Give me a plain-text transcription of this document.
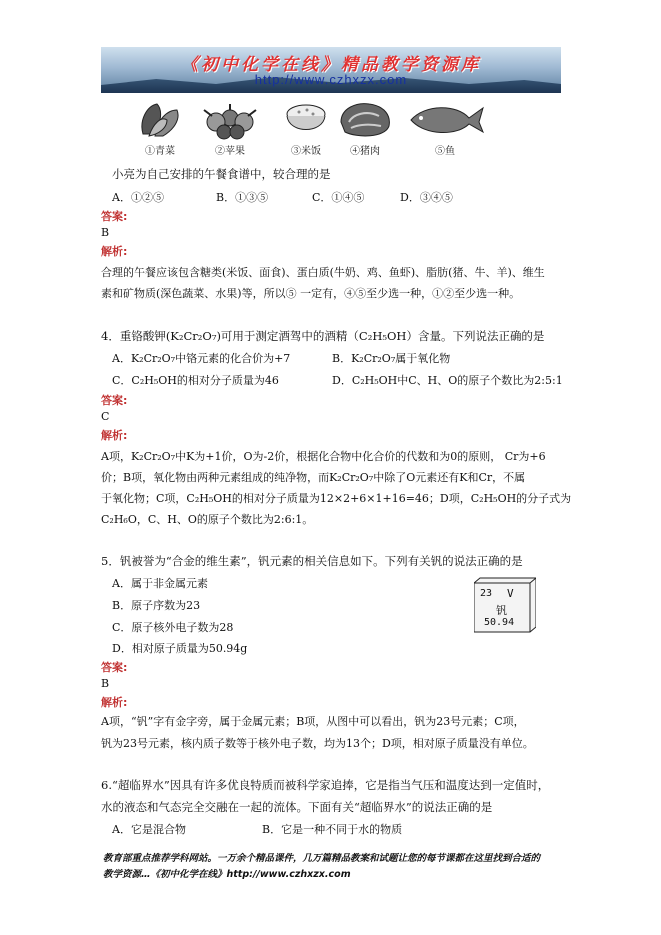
《初中化学在线》精品教学资源库
http://www.czhxzx.com
①青菜	②苹果	③米饭	④猪肉	⑤鱼
小亮为自己安排的午餐食谱中，较合理的是
A．①②⑤	B．①③⑤	C．①④⑤	D．③④⑤
答案:
B
解析:
合理的午餐应该包含糖类(米饭、面食)、蛋白质(牛奶、鸡、鱼虾)、脂肪(猪、牛、羊)、维生
素和矿物质(深色蔬菜、水果)等，所以⑤ 一定有，④⑤至少选一种，①②至少选一种。
4．重铬酸钾(K₂Cr₂O₇)可用于测定酒驾中的酒精（C₂H₅OH）含量。下列说法正确的是
A．K₂Cr₂O₇中铬元素的化合价为+7	B．K₂Cr₂O₇属于氧化物
C．C₂H₅OH的相对分子质量为46	D．C₂H₅OH中C、H、O的原子个数比为2:5:1
答案:
C
解析:
A项，K₂Cr₂O₇中K为+1价，O为-2价，根据化合物中化合价的代数和为0的原则， Cr为+6
价；B项，氧化物由两种元素组成的纯净物，而K₂Cr₂O₇中除了O元素还有K和Cr，不属
于氧化物；C项，C₂H₅OH的相对分子质量为12×2+6×1+16=46；D项，C₂H₅OH的分子式为
C₂H₆O，C、H、O的原子个数比为2:6:1。
5．钒被誉为“合金的维生素”，钒元素的相关信息如下。下列有关钒的说法正确的是
A．属于非金属元素
B．原子序数为23
C．原子核外电子数为28
D．相对原子质量为50.94g
23 V
钒
50.94
答案:
B
解析:
A项，“钒”字有金字旁，属于金属元素；B项，从图中可以看出，钒为23号元素；C项，
钒为23号元素，核内质子数等于核外电子数，均为13个；D项，相对原子质量没有单位。
6.“超临界水”因具有许多优良特质而被科学家追捧，它是指当气压和温度达到一定值时，
水的液态和气态完全交融在一起的流体。下面有关“超临界水”的说法正确的是
A．它是混合物	B．它是一种不同于水的物质
教育部重点推荐学科网站。一万余个精品课件，几万篇精品教案和试题让您的每节课都在这里找到合适的
教学资源…《初中化学在线》http://www.czhxzx.com
